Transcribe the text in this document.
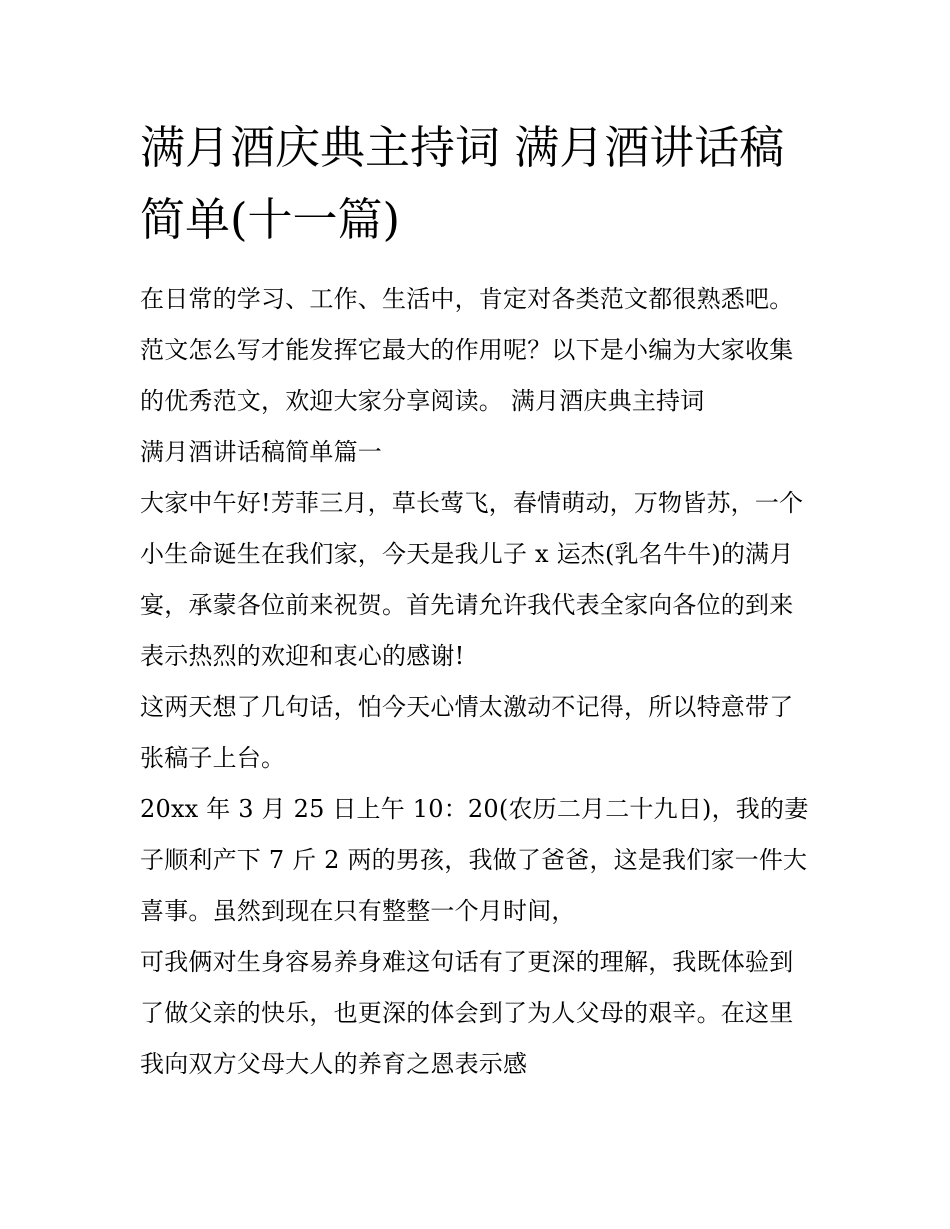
满月酒庆典主持词 满月酒讲话稿简单(十一篇)

在日常的学习、工作、生活中，肯定对各类范文都很熟悉吧。范文怎么写才能发挥它最大的作用呢？以下是小编为大家收集的优秀范文，欢迎大家分享阅读。 满月酒庆典主持词

满月酒讲话稿简单篇一

大家中午好!芳菲三月，草长莺飞，春情萌动，万物皆苏，一个小生命诞生在我们家，今天是我儿子 x 运杰(乳名牛牛)的满月宴，承蒙各位前来祝贺。首先请允许我代表全家向各位的到来表示热烈的欢迎和衷心的感谢!

这两天想了几句话，怕今天心情太激动不记得，所以特意带了张稿子上台。

20xx 年 3 月 25 日上午 10：20(农历二月二十九日)，我的妻子顺利产下 7 斤 2 两的男孩，我做了爸爸，这是我们家一件大喜事。虽然到现在只有整整一个月时间，

可我俩对生身容易养身难这句话有了更深的理解，我既体验到了做父亲的快乐，也更深的体会到了为人父母的艰辛。在这里我向双方父母大人的养育之恩表示感
